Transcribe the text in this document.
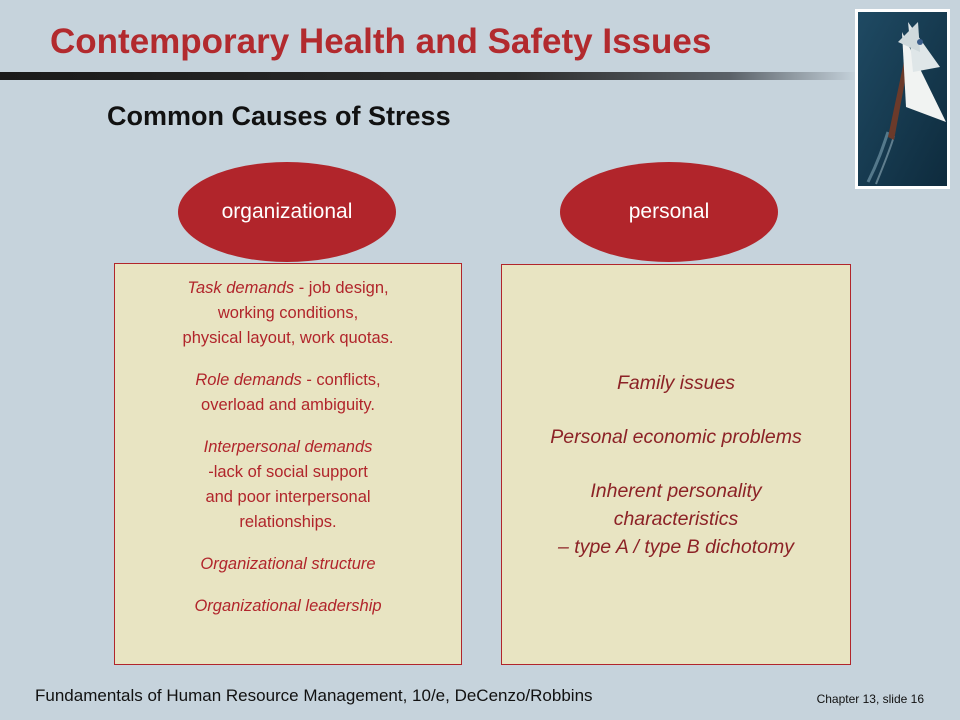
Contemporary Health and Safety Issues
Common Causes of Stress
organizational	personal

Task demands - job design,
working conditions,
physical layout, work quotas.

Role demands - conflicts,
overload and ambiguity.

Interpersonal demands
-lack of social support
and poor interpersonal
relationships.

Organizational structure

Organizational leadership

Family issues

Personal economic problems

Inherent personality
characteristics
– type A / type B dichotomy

Fundamentals of Human Resource Management, 10/e, DeCenzo/Robbins	Chapter 13, slide 16
